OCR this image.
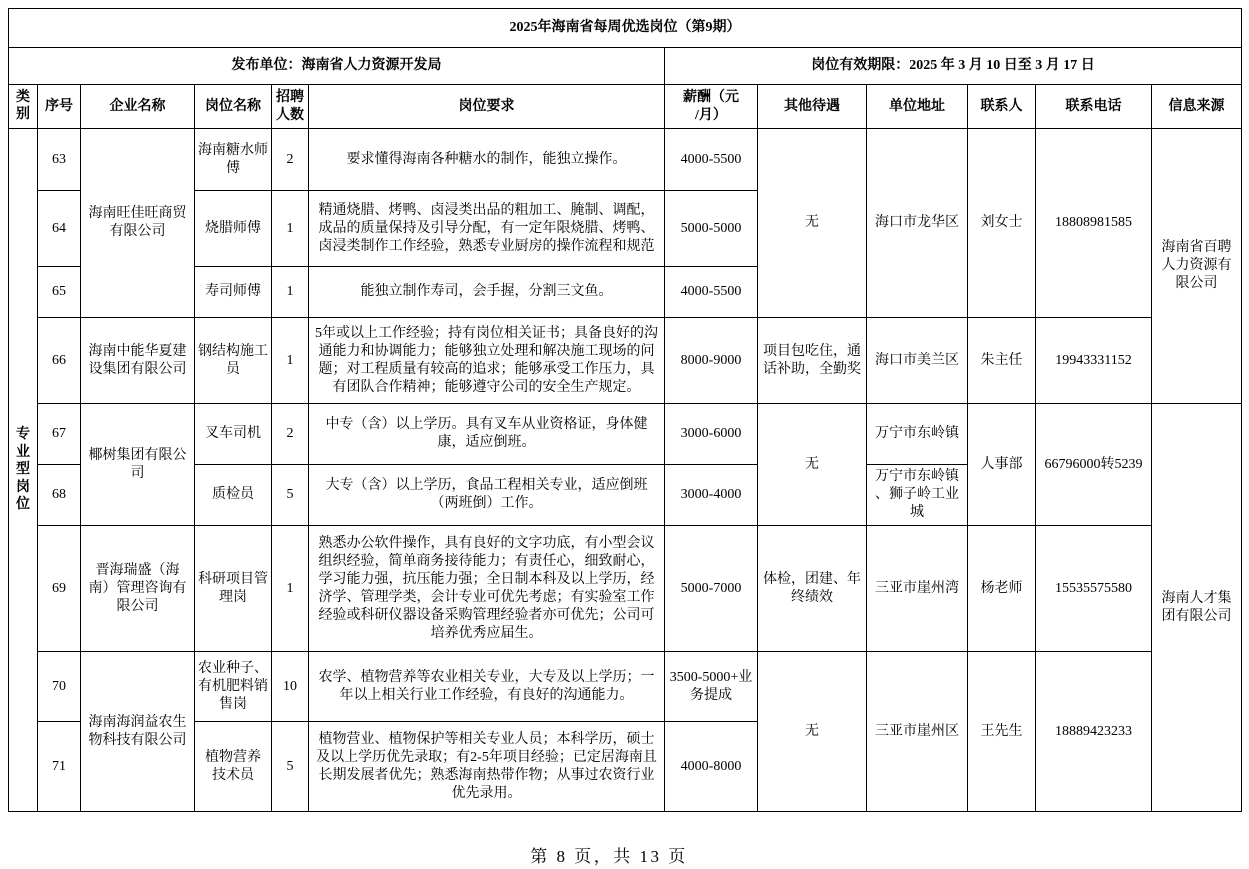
2025年海南省每周优选岗位（第9期）											
发布单位：海南省人力资源开发局						岗位有效期限：2025 年 3 月 10 日至 3 月 17 日					
类别	序号	企业名称	岗位名称	招聘人数	岗位要求	薪酬（元/月）	其他待遇	单位地址	联系人	联系电话	信息来源
专业型岗位	63	海南旺佳旺商贸有限公司	海南糖水师傅	2	要求懂得海南各种糖水的制作，能独立操作。	4000-5500	无	海口市龙华区	刘女士	18808981585	海南省百聘人力资源有限公司
	64		烧腊师傅	1	精通烧腊、烤鸭、卤浸类出品的粗加工、腌制、调配，成品的质量保持及引导分配，有一定年限烧腊、烤鸭、卤浸类制作工作经验，熟悉专业厨房的操作流程和规范	5000-5000					
	65		寿司师傅	1	能独立制作寿司，会手握，分割三文鱼。	4000-5500					
	66	海南中能华夏建设集团有限公司	钢结构施工员	1	5年或以上工作经验；持有岗位相关证书；具备良好的沟通能力和协调能力；能够独立处理和解决施工现场的问题；对工程质量有较高的追求；能够承受工作压力，具有团队合作精神；能够遵守公司的安全生产规定。	8000-9000	项目包吃住，通话补助，全勤奖	海口市美兰区	朱主任	19943331152	
	67	椰树集团有限公司	叉车司机	2	中专（含）以上学历。具有叉车从业资格证，身体健康，适应倒班。	3000-6000	无	万宁市东岭镇	人事部	66796000转5239	海南人才集团有限公司
	68		质检员	5	大专（含）以上学历，食品工程相关专业，适应倒班（两班倒）工作。	3000-4000		万宁市东岭镇、狮子岭工业城			
	69	晋海瑞盛（海南）管理咨询有限公司	科研项目管理岗	1	熟悉办公软件操作，具有良好的文字功底，有小型会议组织经验，简单商务接待能力；有责任心，细致耐心，学习能力强，抗压能力强；全日制本科及以上学历，经济学、管理学类，会计专业可优先考虑；有实验室工作经验或科研仪器设备采购管理经验者亦可优先；公司可培养优秀应届生。	5000-7000	体检，团建、年终绩效	三亚市崖州湾	杨老师	15535575580	
	70	海南海润益农生物科技有限公司	农业种子、有机肥料销售岗	10	农学、植物营养等农业相关专业，大专及以上学历；一年以上相关行业工作经验，有良好的沟通能力。	3500-5000+业务提成	无	三亚市崖州区	王先生	18889423233	
	71		植物营养技术员	5	植物营业、植物保护等相关专业人员；本科学历，硕士及以上学历优先录取；有2-5年项目经验；已定居海南且长期发展者优先；熟悉海南热带作物；从事过农资行业优先录用。	4000-8000					
第 8 页，共 13 页
